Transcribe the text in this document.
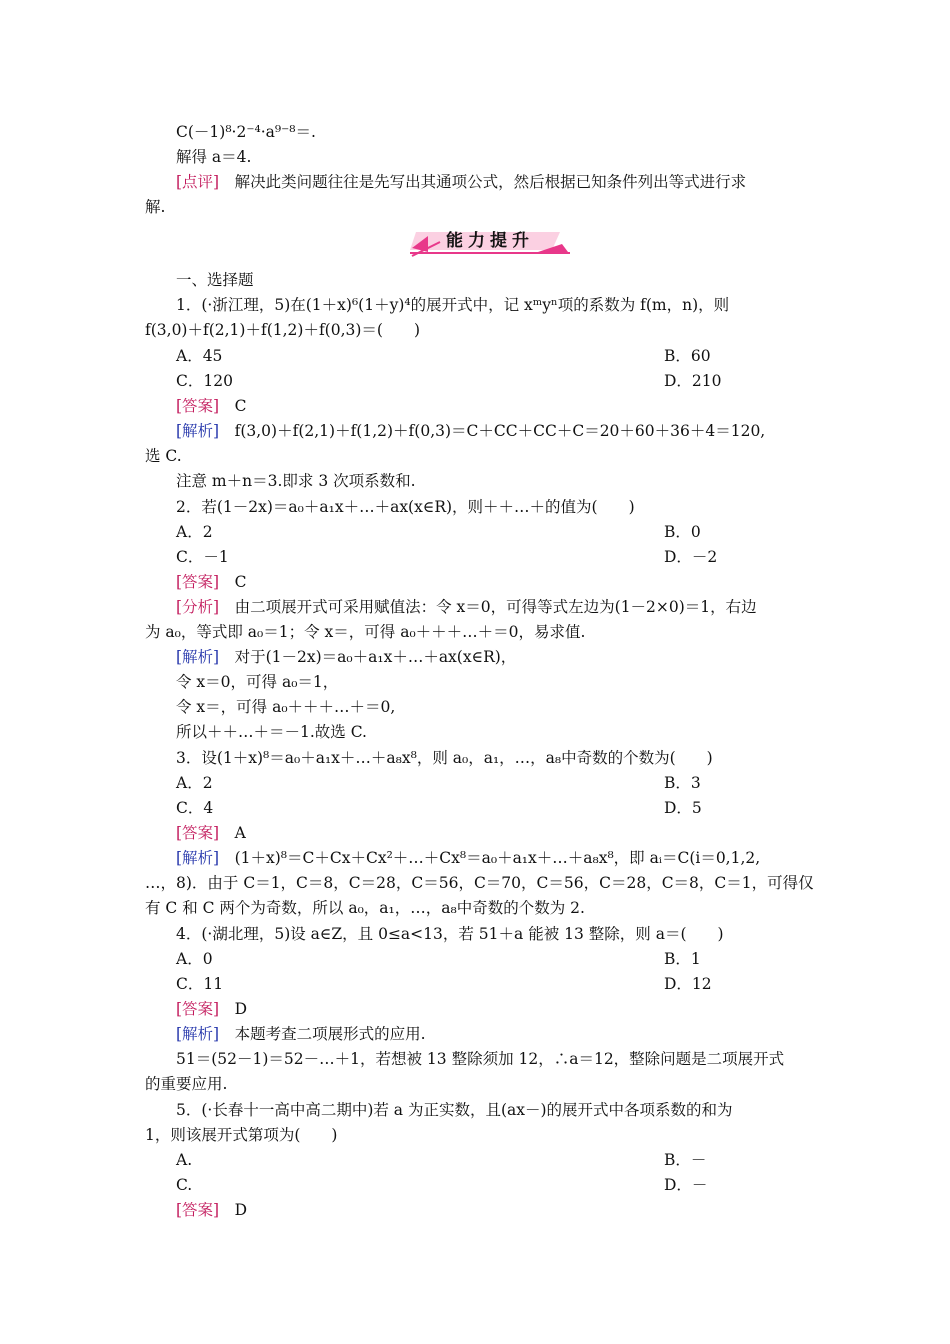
C(－1)⁸·2⁻⁴·a⁹⁻⁸＝.

解得 a＝4.

[点评]　解决此类问题往往是先写出其通项公式，然后根据已知条件列出等式进行求

解.

能力提升

一、选择题

1．(·浙江理，5)在(1＋x)⁶(1＋y)⁴的展开式中，记 xᵐyⁿ项的系数为 f(m，n)，则

f(3,0)＋f(2,1)＋f(1,2)＋f(0,3)＝(　　)

A．45	B．60

C．120	D．210

[答案]　C

[解析]　f(3,0)＋f(2,1)＋f(1,2)＋f(0,3)＝C＋CC＋CC＋C＝20＋60＋36＋4＝120,

选 C.

注意 m＋n＝3.即求 3 次项系数和.

2．若(1－2x)＝a₀＋a₁x＋…＋ax(x∈R)，则＋＋…＋的值为(　　)

A．2	B．0

C．－1	D．－2

[答案]　C

[分析]　由二项展开式可采用赋值法：令 x＝0，可得等式左边为(1－2×0)＝1，右边

为 a₀，等式即 a₀＝1；令 x＝，可得 a₀＋＋＋…＋＝0，易求值.

[解析]　对于(1－2x)＝a₀＋a₁x＋…＋ax(x∈R)，

令 x＝0，可得 a₀＝1，

令 x＝，可得 a₀＋＋＋…＋＝0,

所以＋＋…＋＝－1.故选 C.

3．设(1＋x)⁸＝a₀＋a₁x＋…＋a₈x⁸，则 a₀，a₁，…，a₈中奇数的个数为(　　)

A．2	B．3

C．4	D．5

[答案]　A

[解析]　(1＋x)⁸＝C＋Cx＋Cx²＋…＋Cx⁸＝a₀＋a₁x＋…＋a₈x⁸，即 aᵢ＝C(i＝0,1,2,

…，8)．由于 C＝1，C＝8，C＝28，C＝56，C＝70，C＝56，C＝28，C＝8，C＝1，可得仅

有 C 和 C 两个为奇数，所以 a₀，a₁，…，a₈中奇数的个数为 2.

4．(·湖北理，5)设 a∈Z，且 0≤a<13，若 51＋a 能被 13 整除，则 a＝(　　)

A．0	B．1

C．11	D．12

[答案]　D

[解析]　本题考查二项展形式的应用.

51＝(52－1)＝52－…＋1，若想被 13 整除须加 12，∴a＝12，整除问题是二项展开式

的重要应用.

5．(·长春十一高中高二期中)若 a 为正实数，且(ax－)的展开式中各项系数的和为

1，则该展开式第项为(　　)

A.	B．－

C.	D．－

[答案]　D
